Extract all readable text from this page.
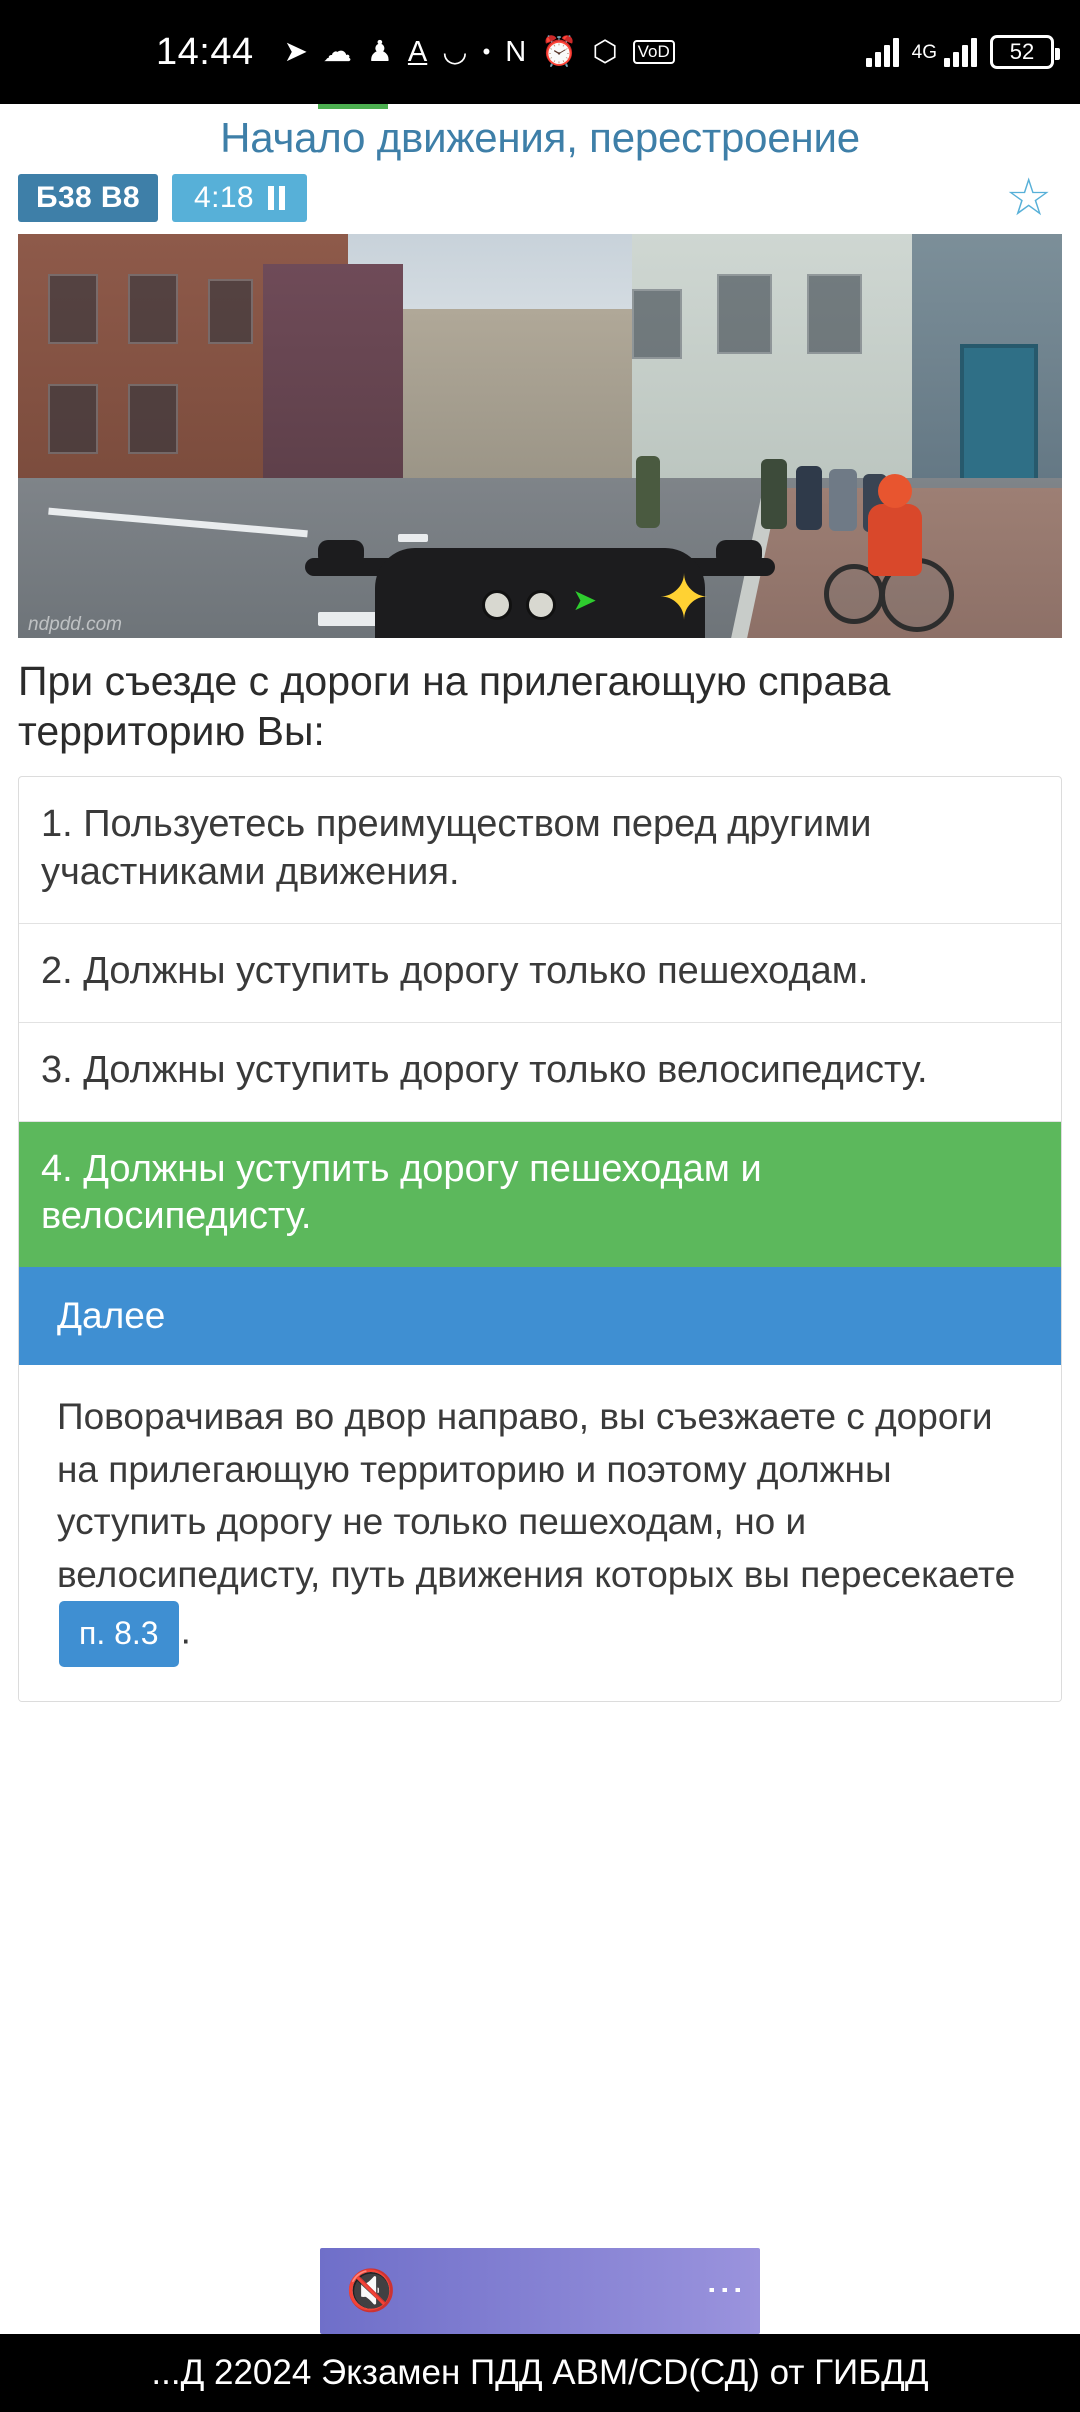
14:44 ➤ ☁ ♟ A ◡ • N ⏰ ⬡ VoD	4G	52
Начало движения, перестроение
Б38 В8	4:18	☆
➤ ✦
ndpdd.com
При съезде с дороги на прилегающую справа территорию Вы:
1. Пользуетесь преимуществом перед другими участниками движения.
2. Должны уступить дорогу только пешеходам.
3. Должны уступить дорогу только велосипедисту.
4. Должны уступить дорогу пешеходам и велосипедисту.
Далее
Поворачивая во двор направо, вы съезжаете с дороги на прилегающую территорию и поэтому должны уступить дорогу не только пешеходам, но и велосипедисту, путь движения которых вы пересекаете п. 8.3 .
🔇	⋮
...Д 22024 Экзамен ПДД АВМ/CD(СД) от ГИБДД
